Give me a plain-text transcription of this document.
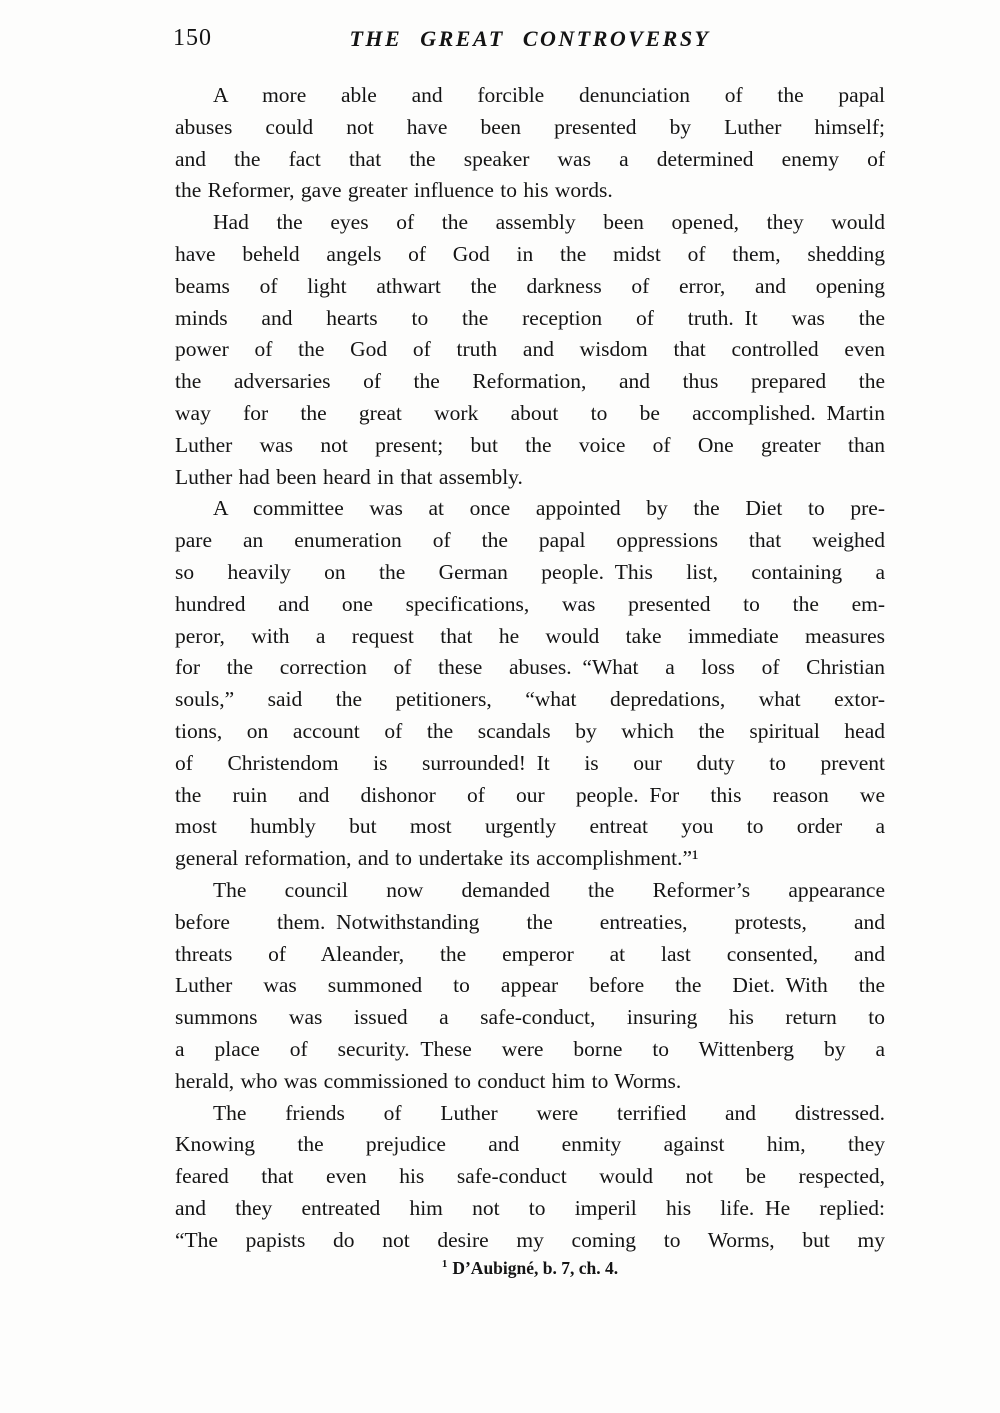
150	THE GREAT CONTROVERSY
A more able and forcible denunciation of the papal
abuses could not have been presented by Luther himself;
and the fact that the speaker was a determined enemy of
the Reformer, gave greater influence to his words.
Had the eyes of the assembly been opened, they would
have beheld angels of God in the midst of them, shedding
beams of light athwart the darkness of error, and opening
minds and hearts to the reception of truth. It was the
power of the God of truth and wisdom that controlled even
the adversaries of the Reformation, and thus prepared the
way for the great work about to be accomplished. Martin
Luther was not present; but the voice of One greater than
Luther had been heard in that assembly.
A committee was at once appointed by the Diet to pre-
pare an enumeration of the papal oppressions that weighed
so heavily on the German people. This list, containing a
hundred and one specifications, was presented to the em-
peror, with a request that he would take immediate measures
for the correction of these abuses. “What a loss of Christian
souls,” said the petitioners, “what depredations, what extor-
tions, on account of the scandals by which the spiritual head
of Christendom is surrounded! It is our duty to prevent
the ruin and dishonor of our people. For this reason we
most humbly but most urgently entreat you to order a
general reformation, and to undertake its accomplishment.”¹
The council now demanded the Reformer’s appearance
before them. Notwithstanding the entreaties, protests, and
threats of Aleander, the emperor at last consented, and
Luther was summoned to appear before the Diet. With the
summons was issued a safe-conduct, insuring his return to
a place of security. These were borne to Wittenberg by a
herald, who was commissioned to conduct him to Worms.
The friends of Luther were terrified and distressed.
Knowing the prejudice and enmity against him, they
feared that even his safe-conduct would not be respected,
and they entreated him not to imperil his life. He replied:
“The papists do not desire my coming to Worms, but my
$^1$ D’Aubigné, b. 7, ch. 4.
